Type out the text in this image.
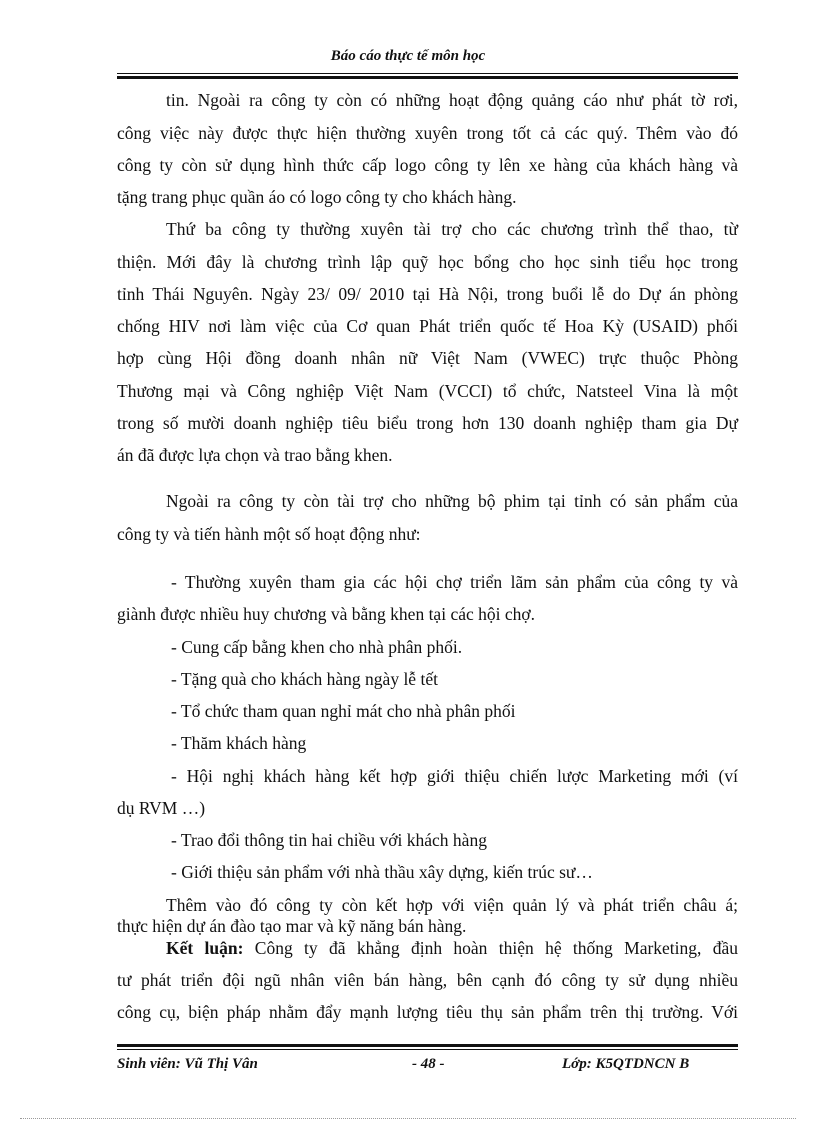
Báo cáo thực tế môn học
tin. Ngoài ra công ty còn có những hoạt động quảng cáo như phát tờ rơi,
công việc này được thực hiện thường xuyên trong tốt cả các quý. Thêm vào đó
công ty còn sử dụng hình thức cấp logo công ty lên xe hàng của khách hàng và
tặng trang phục quần áo có logo công ty cho khách hàng.
Thứ ba công ty thường xuyên tài trợ cho các chương trình thể thao, từ
thiện. Mới đây là chương trình lập quỹ học bổng cho học sinh tiểu học trong
tỉnh Thái Nguyên. Ngày 23/ 09/ 2010 tại Hà Nội, trong buổi lễ do Dự án phòng
chống HIV nơi làm việc của Cơ quan Phát triển quốc tế Hoa Kỳ (USAID) phối
hợp cùng Hội đồng doanh nhân nữ Việt Nam (VWEC) trực thuộc Phòng
Thương mại và Công nghiệp Việt Nam (VCCI) tổ chức, Natsteel Vina là một
trong số mười doanh nghiệp tiêu biểu trong hơn 130 doanh nghiệp tham gia Dự
án đã được lựa chọn và trao bằng khen.
Ngoài ra công ty còn tài trợ cho những bộ phim tại tỉnh có sản phẩm của
công ty và tiến hành một số hoạt động như:
- Thường xuyên tham gia các hội chợ triển lãm sản phẩm của công ty và
giành được nhiều huy chương và bằng khen tại các hội chợ.
- Cung cấp bằng khen cho nhà phân phối.
- Tặng quà cho khách hàng ngày lễ tết
- Tổ chức tham quan nghỉ mát cho nhà phân phối
- Thăm khách hàng
- Hội nghị khách hàng kết hợp giới thiệu chiến lược Marketing mới (ví
dụ RVM …)
- Trao đổi thông tin hai chiều với khách hàng
- Giới thiệu sản phẩm với nhà thầu xây dựng, kiến trúc sư…
Thêm vào đó công ty còn kết hợp với viện quản lý và phát triển châu á;
thực hiện dự án đào tạo mar và kỹ năng bán hàng.
Kết luận: Công ty đã khẳng định hoàn thiện hệ thống Marketing, đầu
tư phát triển đội ngũ nhân viên bán hàng, bên cạnh đó công ty sử dụng nhiều
công cụ, biện pháp nhằm đẩy mạnh lượng tiêu thụ sản phẩm trên thị trường. Với
Sinh viên: Vũ Thị Vân	- 48 -	Lớp: K5QTDNCN B
